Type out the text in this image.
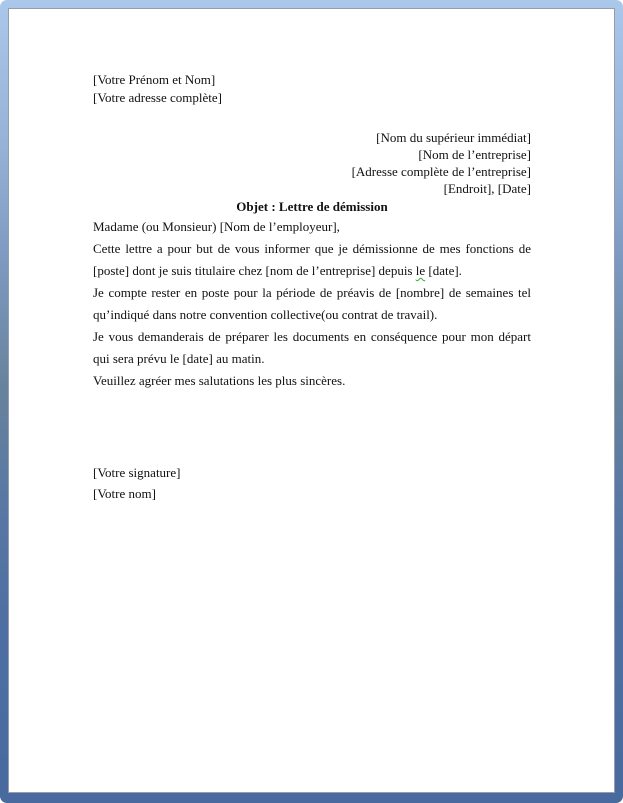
[Votre Prénom et Nom]

[Votre adresse complète]

[Nom du supérieur immédiat]

[Nom de l’entreprise]

[Adresse complète de l’entreprise]

[Endroit], [Date]

Objet : Lettre de démission

Madame (ou Monsieur) [Nom de l’employeur],

Cette lettre a pour but de vous informer que je démissionne de mes fonctions de [poste] dont je suis titulaire chez [nom de l’entreprise] depuis le [date].

Je compte rester en poste pour la période de préavis de [nombre] de semaines tel qu’indiqué dans notre convention collective(ou contrat de travail).

Je vous demanderais de préparer les documents en conséquence pour mon départ qui sera prévu le [date] au matin.

Veuillez agréer mes salutations les plus sincères.

[Votre signature]

[Votre nom]
